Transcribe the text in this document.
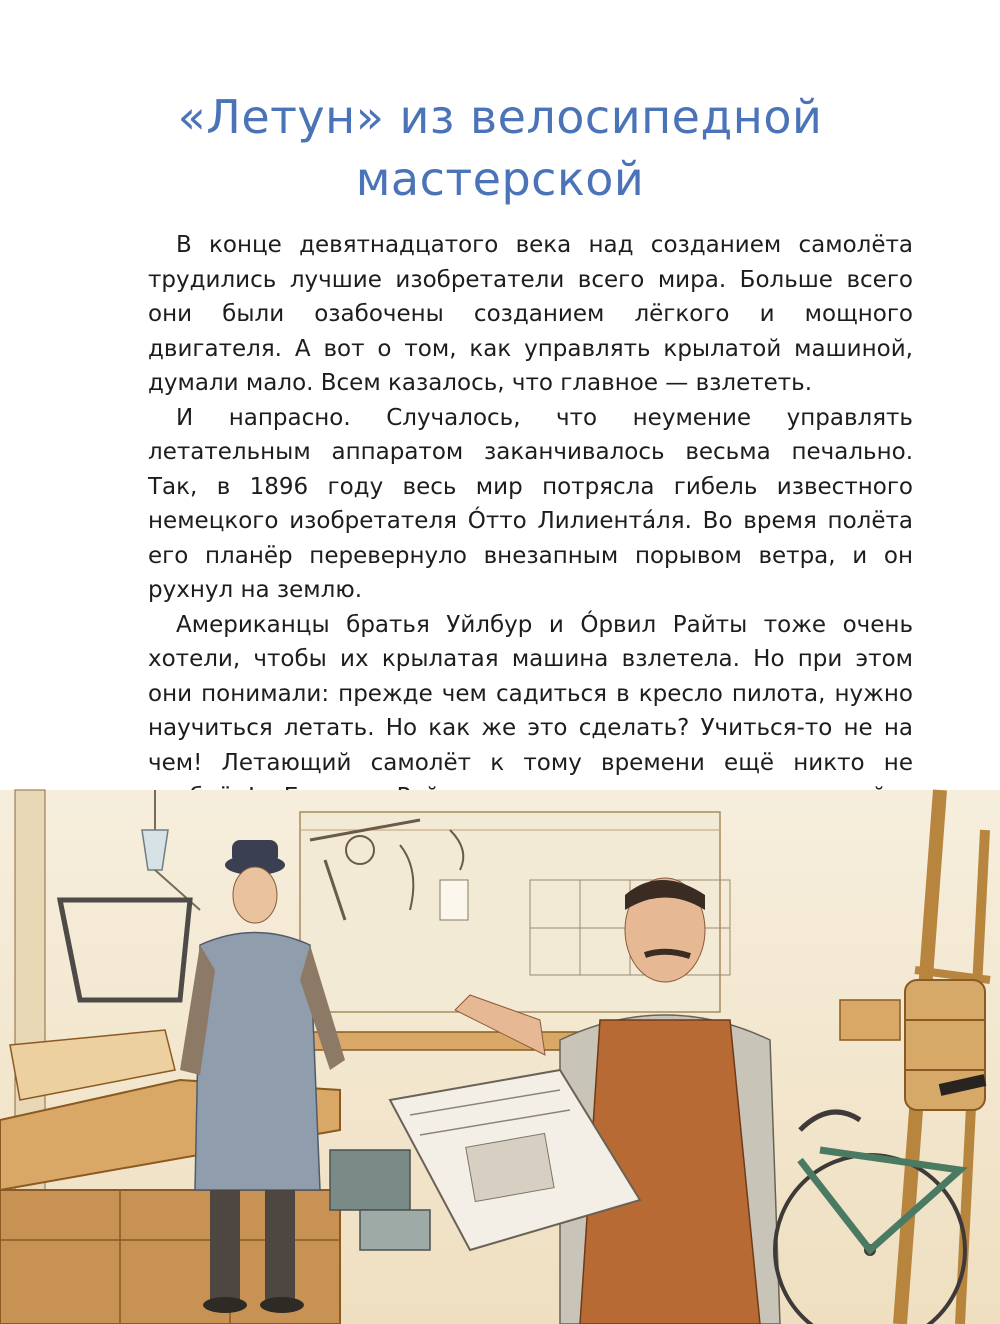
«Летун» из велосипедной
мастерской

В конце девятнадцатого века над созданием самолёта трудились лучшие изобретатели всего мира. Больше всего они были озабочены созданием лёгкого и мощного двигателя. А вот о том, как управлять крылатой машиной, думали мало. Всем казалось, что главное — взлететь.

И напрасно. Случалось, что неумение управлять летательным аппаратом заканчивалось весьма печально. Так, в 1896 году весь мир потрясла гибель известного немецкого изобретателя Óтто Лилиентáля. Во время полёта его планёр перевернуло внезапным порывом ветра, и он рухнул на землю.

Американцы братья Уйлбур и Óрвил Райты тоже очень хотели, чтобы их крылатая машина взлетела. Но при этом они понимали: прежде чем садиться в кресло пилота, нужно научиться летать. Но как же это сделать? Учиться-то не на чем! Летающий самолёт к тому времени ещё никто не
